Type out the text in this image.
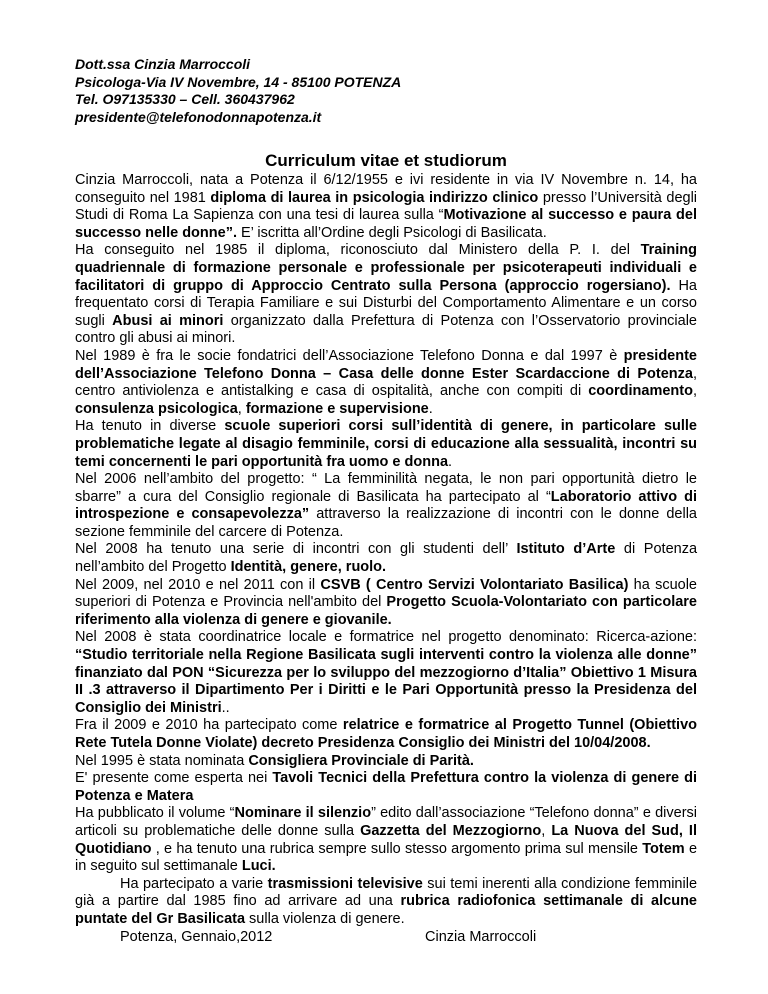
Dott.ssa Cinzia Marroccoli
Psicologa-Via IV Novembre, 14 - 85100 POTENZA
Tel. O97135330 – Cell. 360437962
presidente@telefonodonnapotenza.it
Curriculum vitae et studiorum

Cinzia Marroccoli, nata a Potenza il 6/12/1955 e ivi residente in via IV Novembre n. 14, ha conseguito nel 1981 diploma di laurea in psicologia indirizzo clinico presso l’Università degli Studi di Roma La Sapienza con una tesi di laurea sulla “Motivazione al successo e paura del successo nelle donne”. E’ iscritta all’Ordine degli Psicologi di Basilicata.

Ha conseguito nel 1985 il diploma, riconosciuto dal Ministero della P. I. del Training quadriennale di formazione personale e professionale per psicoterapeuti individuali e facilitatori di gruppo di Approccio Centrato sulla Persona (approccio rogersiano). Ha frequentato corsi di Terapia Familiare e sui Disturbi del Comportamento Alimentare e un corso sugli Abusi ai minori organizzato dalla Prefettura di Potenza con l’Osservatorio provinciale contro gli abusi ai minori.

Nel 1989 è fra le socie fondatrici dell’Associazione Telefono Donna e dal 1997 è presidente dell’Associazione Telefono Donna – Casa delle donne Ester Scardaccione di Potenza, centro antiviolenza e antistalking e casa di ospitalità, anche con compiti di coordinamento, consulenza psicologica, formazione e supervisione.

Ha tenuto in diverse scuole superiori corsi sull’identità di genere, in particolare sulle problematiche legate al disagio femminile, corsi di educazione alla sessualità, incontri su temi concernenti le pari opportunità fra uomo e donna.

Nel 2006 nell’ambito del progetto: “ La femminilità negata, le non pari opportunità dietro le sbarre” a cura del Consiglio regionale di Basilicata ha partecipato al “Laboratorio attivo di introspezione e consapevolezza” attraverso la realizzazione di incontri con le donne della sezione femminile del carcere di Potenza.

Nel 2008 ha tenuto una serie di incontri con gli studenti dell’ Istituto d’Arte di Potenza nell’ambito del Progetto Identità, genere, ruolo.

Nel 2009, nel 2010 e nel 2011 con il CSVB ( Centro Servizi Volontariato Basilica) ha scuole superiori di Potenza e Provincia nell'ambito del Progetto Scuola-Volontariato con particolare riferimento alla violenza di genere e giovanile.

Nel 2008 è stata coordinatrice locale e formatrice nel progetto denominato: Ricerca-azione: “Studio territoriale nella Regione Basilicata sugli interventi contro la violenza alle donne” finanziato dal PON “Sicurezza per lo sviluppo del mezzogiorno d’Italia” Obiettivo 1 Misura II .3 attraverso il Dipartimento Per i Diritti e le Pari Opportunità presso la Presidenza del Consiglio dei Ministri..

Fra il 2009 e 2010 ha partecipato come relatrice e formatrice al Progetto Tunnel (Obiettivo Rete Tutela Donne Violate) decreto Presidenza Consiglio dei Ministri del 10/04/2008.

Nel 1995 è stata nominata Consigliera Provinciale di Parità.

E' presente come esperta nei Tavoli Tecnici della Prefettura contro la violenza di genere di Potenza e Matera

Ha pubblicato il volume “Nominare il silenzio” edito dall’associazione “Telefono donna” e diversi articoli su problematiche delle donne sulla Gazzetta del Mezzogiorno, La Nuova del Sud, Il Quotidiano , e ha tenuto una rubrica sempre sullo stesso argomento prima sul mensile Totem e in seguito sul settimanale Luci.

Ha partecipato a varie trasmissioni televisive sui temi inerenti alla condizione femminile già a partire dal 1985 fino ad arrivare ad una rubrica radiofonica settimanale di alcune puntate del Gr Basilicata sulla violenza di genere.

Potenza, Gennaio,2012	Cinzia Marroccoli
